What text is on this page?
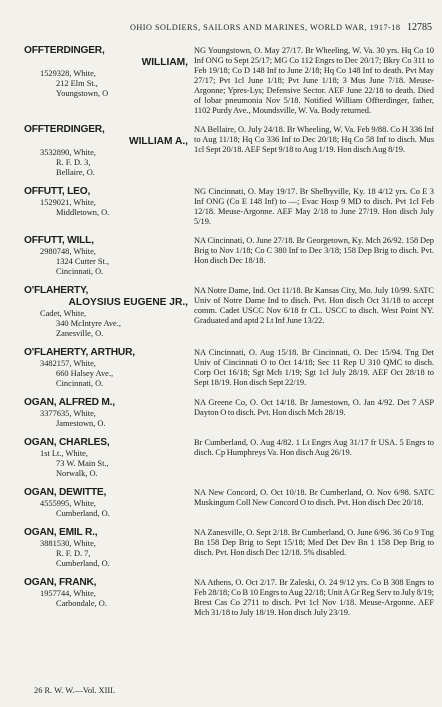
OHIO SOLDIERS, SAILORS AND MARINES, WORLD WAR, 1917-18 12785
OFFTERDINGER,
WILLIAM,
1529328, White,
212 Elm St.,
Youngstown, O
NG Youngstown, O. May 27/17. Br Wheeling, W. Va. 30 yrs. Hq Co 10 Inf ONG to Sept 25/17; MG Co 112 Engrs to Dec 20/17; Bkry Co 311 to Feb 19/18; Co D 148 Inf to June 2/18; Hq Co 148 Inf to death. Pvt May 27/17; Pvt 1cl June 1/18; Pvt June 1/18; 3 Mus June 7/18. Meuse-Argonne; Ypres-Lys; Defensive Sector. AEF June 22/18 to death. Died of lobar pneumonia Nov 5/18. Notified William Offterdinger, father, 1102 Purdy Ave., Moundsville, W. Va. Body returned.
OFFTERDINGER,
WILLIAM A.,
3532890, White,
R. F. D. 3,
Bellaire, O.
NA Bellaire, O. July 24/18. Br Wheeling, W. Va. Feb 9/88. Co H 336 Inf to Aug 11/18; Hq Co 336 Inf to Dec 20/18; Hq Co 58 Inf to disch. Mus 1cl Sept 20/18. AEF Sept 9/18 to Aug 1/19. Hon disch Aug 8/19.
OFFUTT, LEO,
1529021, White,
Middletown, O.
NG Cincinnati, O. May 19/17. Br Shelbyville, Ky. 18 4/12 yrs. Co E 3 Inf ONG (Co E 148 Inf) to —; Evac Hosp 9 MD to disch. Pvt 1cl Feb 12/18. Meuse-Argonne. AEF May 2/18 to June 27/19. Hon disch July 5/19.
OFFUTT, WILL,
2980748, White,
1324 Cutter St.,
Cincinnati, O.
NA Cincinnati, O. June 27/18. Br Georgetown, Ky. Mch 26/92. 158 Dep Brig to Nov 1/18; Co C 380 Inf to Dec 3/18; 158 Dep Brig to disch. Pvt. Hon disch Dec 18/18.
O'FLAHERTY,
ALOYSIUS EUGENE JR.,
Cadet, White,
340 McIntyre Ave.,
Zanesville, O.
NA Notre Dame, Ind. Oct 11/18. Br Kansas City, Mo. July 10/99. SATC Univ of Notre Dame Ind to disch. Pvt. Hon disch Oct 31/18 to accept comm. Cadet USCC Nov 6/18 fr CL. USCC to disch. West Point NY. Graduated and aptd 2 Lt Inf June 13/22.
O'FLAHERTY, ARTHUR,
3482157, White,
660 Halsey Ave.,
Cincinnati, O.
NA Cincinnati, O. Aug 15/18. Br Cincinnati, O. Dec 15/94. Tng Det Univ of Cincinnati O to Oct 14/18; Sec 11 Rep U 310 QMC to disch. Corp Oct 16/18; Sgt Mch 1/19; Sgt 1cl July 28/19. AEF Oct 28/18 to Sept 18/19. Hon disch Sept 22/19.
OGAN, ALFRED M.,
3377635, White,
Jamestown, O.
NA Greene Co, O. Oct 14/18. Br Jamestown, O. Jan 4/92. Det 7 ASP Dayton O to disch. Pvt. Hon disch Mch 28/19.
OGAN, CHARLES,
1st Lt., White,
73 W. Main St.,
Norwalk, O.
Br Cumberland, O. Aug 4/82. 1 Lt Engrs Aug 31/17 fr USA. 5 Engrs to disch. Cp Humphreys Va. Hon disch Aug 26/19.
OGAN, DEWITTE,
4555995, White,
Cumberland, O.
NA New Concord, O. Oct 10/18. Br Cumberland, O. Nov 6/98. SATC Muskingum Coll New Concord O to disch. Pvt. Hon disch Dec 20/18.
OGAN, EMIL R.,
3881530, White,
R. F. D. 7,
Cumberland, O.
NA Zanesville, O. Sept 2/18. Br Cumberland, O. June 6/96. 36 Co 9 Tng Bn 158 Dep Brig to Sept 15/18; Med Det Dev Bn 1 158 Dep Brig to disch. Pvt. Hon disch Dec 12/18. 5% disabled.
OGAN, FRANK,
1957744, White,
Carbondale, O.
NA Athens, O. Oct 2/17. Br Zaleski, O. 24 9/12 yrs. Co B 308 Engrs to Feb 28/18; Co B 10 Engrs to Aug 22/18; Unit A Gr Reg Serv to July 8/19; Brest Cas Co 2711 to disch. Pvt 1cl Nov 1/18. Meuse-Argonne. AEF Mch 31/18 to July 18/19. Hon disch July 23/19.
26 R. W. W.—Vol. XIII.
